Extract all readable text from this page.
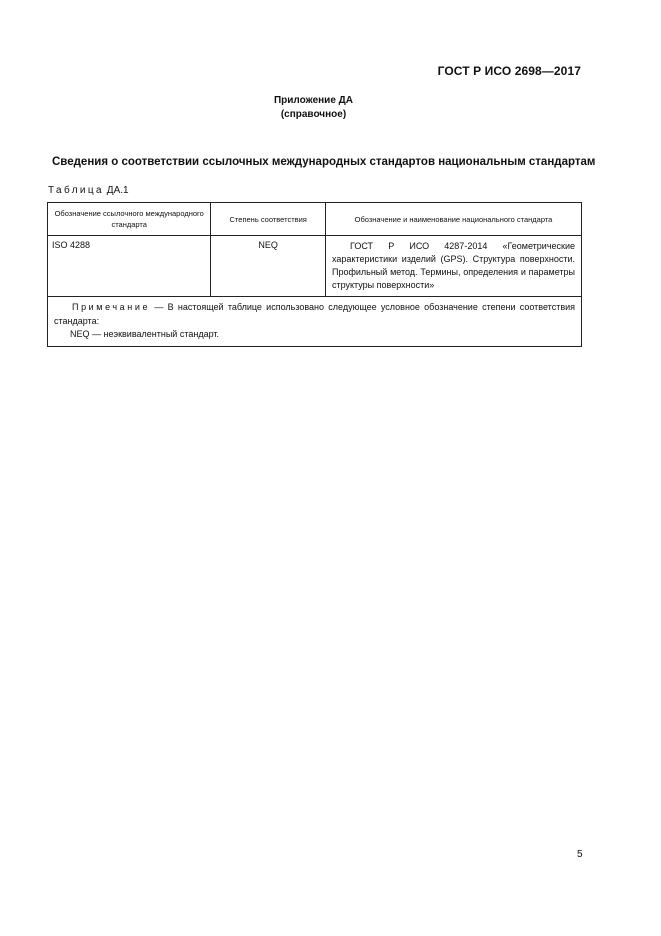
ГОСТ Р ИСО 2698—2017
Приложение ДА
(справочное)
Сведения о соответствии ссылочных международных стандартов национальным стандартам
Таблица ДА.1
Обозначение ссылочного международного стандарта	Степень соответствия	Обозначение и наименование национального стандарта
ISO 4288	NEQ	ГОСТ Р ИСО 4287-2014 «Геометрические характеристики изделий (GPS). Структура поверхности. Профильный метод. Термины, определения и параметры структуры поверхности»

Примечание — В настоящей таблице использовано следующее условное обозначение степени соответствия стандарта:
NEQ — неэквивалентный стандарт.		
5
